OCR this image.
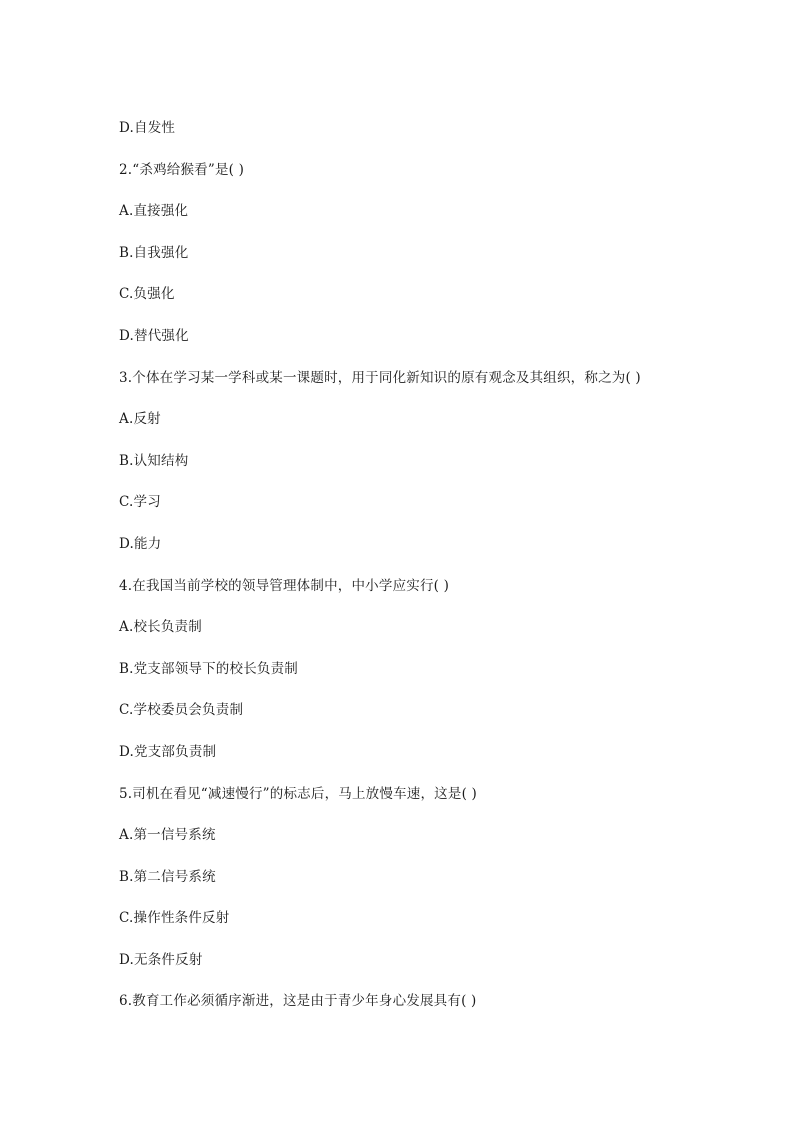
D.自发性
2.“杀鸡给猴看”是( )
A.直接强化
B.自我强化
C.负强化
D.替代强化
3.个体在学习某一学科或某一课题时，用于同化新知识的原有观念及其组织，称之为( )
A.反射
B.认知结构
C.学习
D.能力
4.在我国当前学校的领导管理体制中，中小学应实行( )
A.校长负责制
B.党支部领导下的校长负责制
C.学校委员会负责制
D.党支部负责制
5.司机在看见“减速慢行”的标志后，马上放慢车速，这是( )
A.第一信号系统
B.第二信号系统
C.操作性条件反射
D.无条件反射
6.教育工作必须循序渐进，这是由于青少年身心发展具有( )
